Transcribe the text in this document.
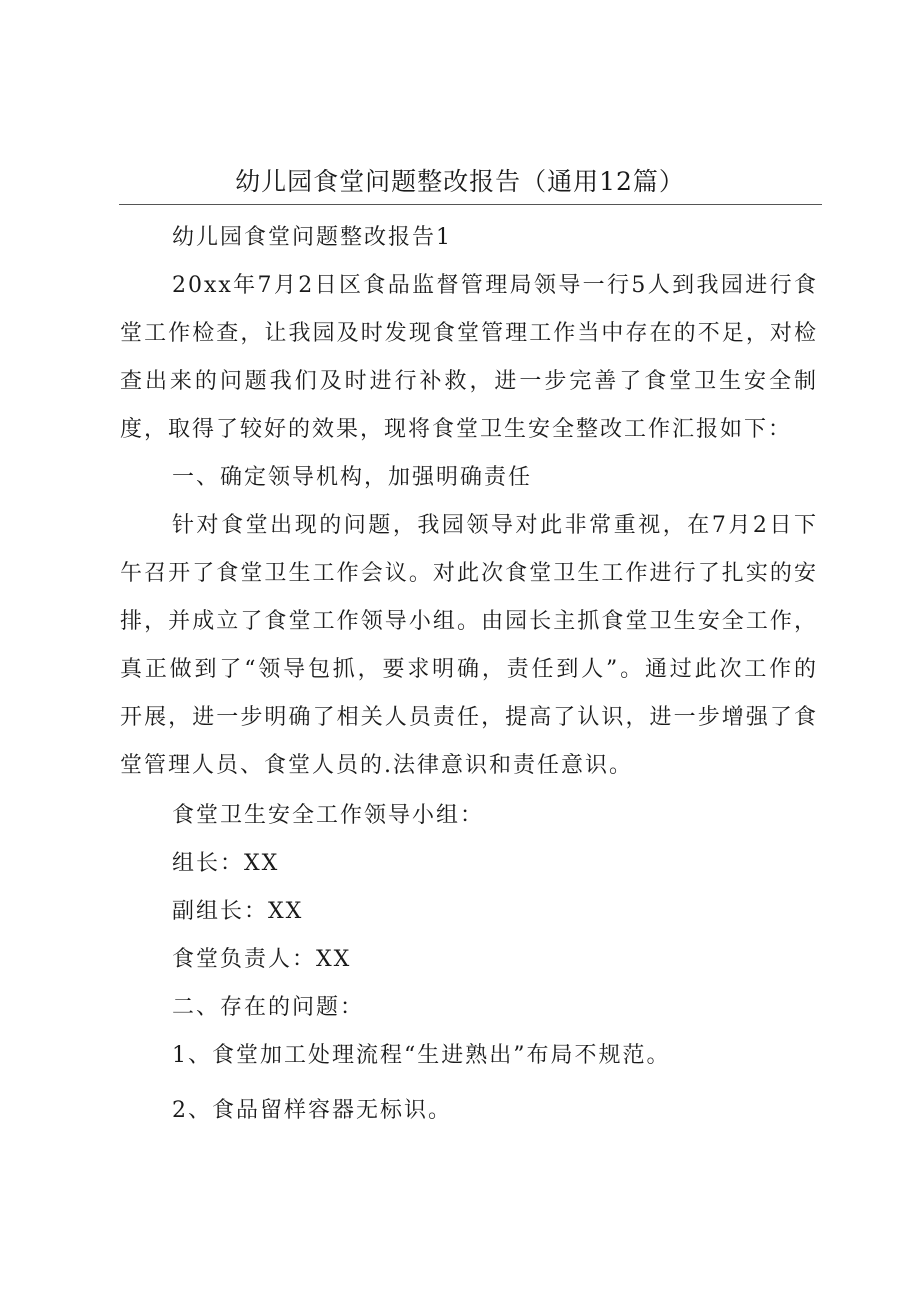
幼儿园食堂问题整改报告（通用12篇）
幼儿园食堂问题整改报告1

20xx年7月2日区食品监督管理局领导一行5人到我园进行食堂工作检查，让我园及时发现食堂管理工作当中存在的不足，对检查出来的问题我们及时进行补救，进一步完善了食堂卫生安全制度，取得了较好的效果，现将食堂卫生安全整改工作汇报如下：

一、确定领导机构，加强明确责任

针对食堂出现的问题，我园领导对此非常重视，在7月2日下午召开了食堂卫生工作会议。对此次食堂卫生工作进行了扎实的安排，并成立了食堂工作领导小组。由园长主抓食堂卫生安全工作，真正做到了“领导包抓，要求明确，责任到人”。通过此次工作的开展，进一步明确了相关人员责任，提高了认识，进一步增强了食堂管理人员、食堂人员的.法律意识和责任意识。

食堂卫生安全工作领导小组：
组长：XX
副组长：XX
食堂负责人：XX
二、存在的问题：
1、食堂加工处理流程“生进熟出”布局不规范。
2、食品留样容器无标识。
